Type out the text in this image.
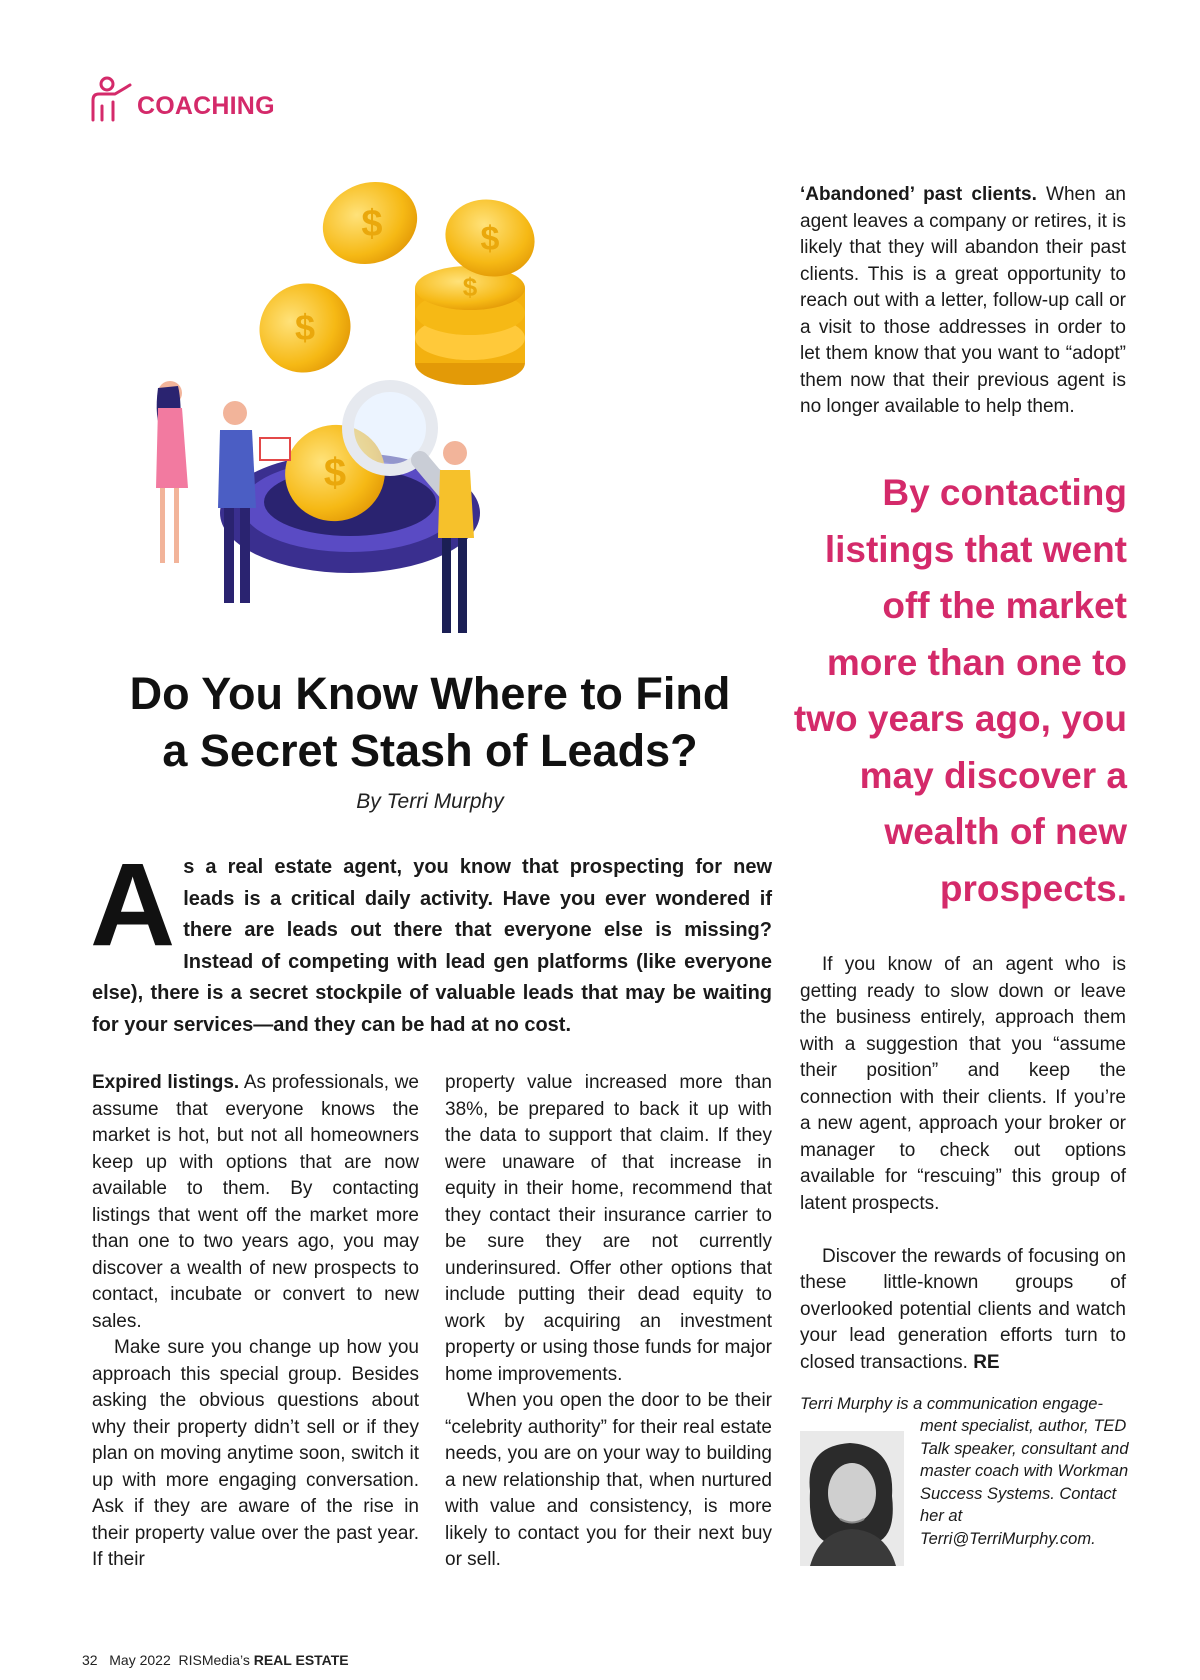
COACHING
$
$	$
$
$
Do You Know Where to Find
a Secret Stash of Leads?
By Terri Murphy

As a real estate agent, you know that prospecting for new leads is a critical daily activity. Have you ever wondered if there are leads out there that everyone else is missing? Instead of competing with lead gen platforms (like everyone else), there is a secret stockpile of valuable leads that may be waiting for your services—and they can be had at no cost.

Expired listings. As professionals, we assume that everyone knows the market is hot, but not all homeowners keep up with options that are now available to them. By contacting listings that went off the market more than one to two years ago, you may discover a wealth of new prospects to contact, incubate or convert to new sales.

Make sure you change up how you approach this special group. Besides asking the obvious questions about why their property didn’t sell or if they plan on moving anytime soon, switch it up with more engaging conversation. Ask if they are aware of the rise in their property value over the past year. If their

property value increased more than 38%, be prepared to back it up with the data to support that claim. If they were unaware of that increase in equity in their home, recommend that they contact their insurance carrier to be sure they are not currently underinsured. Offer other options that include putting their dead equity to work by acquiring an investment property or using those funds for major home improvements.

When you open the door to be their “celebrity authority” for their real estate needs, you are on your way to building a new relationship that, when nurtured with value and consistency, is more likely to contact you for their next buy or sell.

‘Abandoned’ past clients. When an agent leaves a company or retires, it is likely that they will abandon their past clients. This is a great opportunity to reach out with a letter, follow-up call or a visit to those addresses in order to let them know that you want to “adopt” them now that their previous agent is no longer available to help them.

By contacting listings that went off the market more than one to two years ago, you may discover a wealth of new prospects.

If you know of an agent who is getting ready to slow down or leave the business entirely, approach them with a suggestion that you “assume their position” and keep the connection with their clients. If you’re a new agent, approach your broker or manager to check out options available for “rescuing” this group of latent prospects.

Discover the rewards of focusing on these little-known groups of overlooked potential clients and watch your lead generation efforts turn to closed transactions. RE

Terri Murphy is a communication engage-
ment specialist, author, TED Talk speaker, consultant and master coach with Workman Success Systems. Contact her at Terri@TerriMurphy.com.
32 May 2022 RISMedia’s REAL ESTATE
